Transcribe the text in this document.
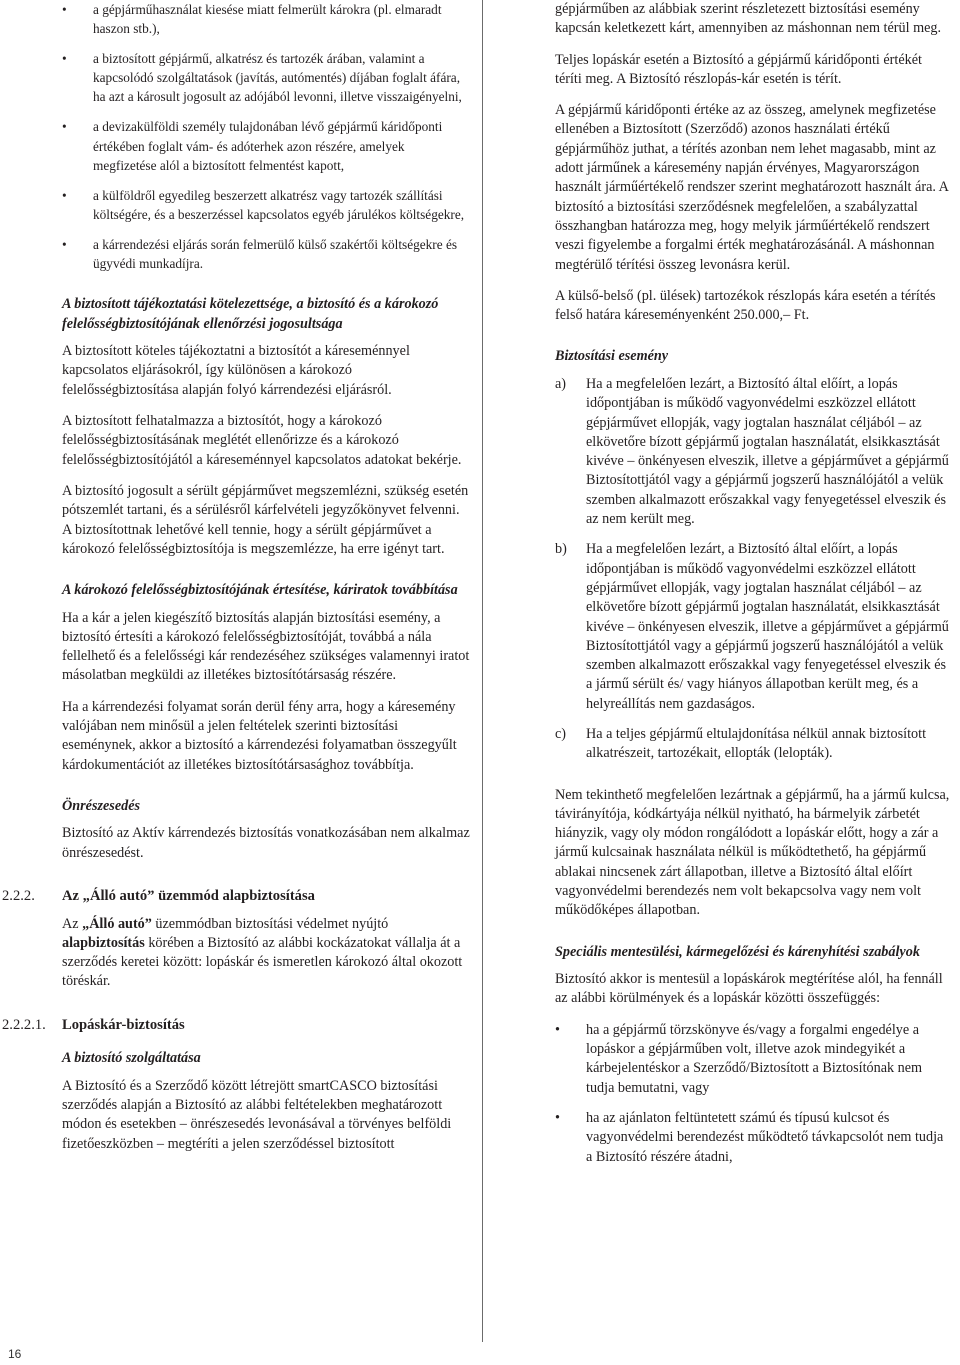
• a gépjárműhasználat kiesése miatt felmerült károkra (pl. elmaradt haszon stb.),
• a biztosított gépjármű, alkatrész és tartozék árában, valamint a kapcsolódó szolgáltatások (javítás, autómentés) díjában foglalt áfára, ha azt a károsult jogosult az adójából levonni, illetve visszaigényelni,
• a devizakülföldi személy tulajdonában lévő gépjármű káridőponti értékében foglalt vám- és adóterhek azon részére, amelyek megfizetése alól a biztosított felmentést kapott,
• a külföldről egyedileg beszerzett alkatrész vagy tartozék szállítási költségére, és a beszerzéssel kapcsolatos egyéb járulékos költségekre,
• a kárrendezési eljárás során felmerülő külső szakértői költségekre és ügyvédi munkadíjra.
A biztosított tájékoztatási kötelezettsége, a biztosító és a károkozó felelősségbiztosítójának ellenőrzési jogosultsága

A biztosított köteles tájékoztatni a biztosítót a káreseménnyel kapcsolatos eljárásokról, így különösen a károkozó felelősségbiztosítása alapján folyó kárrendezési eljárásról.

A biztosított felhatalmazza a biztosítót, hogy a károkozó felelősségbiztosításának meglétét ellenőrizze és a károkozó felelősségbiztosítójától a káreseménnyel kapcsolatos adatokat bekérje.

A biztosító jogosult a sérült gépjárművet megszemlézni, szükség esetén pótszemlét tartani, és a sérülésről kárfelvételi jegyzőkönyvet felvenni. A biztosítottnak lehetővé kell tennie, hogy a sérült gépjárművet a károkozó felelősségbiztosítója is megszemlézze, ha erre igényt tart.

A károkozó felelősségbiztosítójának értesítése, káriratok továbbítása

Ha a kár a jelen kiegészítő biztosítás alapján biztosítási esemény, a biztosító értesíti a károkozó felelősségbiztosítóját, továbbá a nála fellelhető és a felelősségi kár rendezéséhez szükséges valamennyi iratot másolatban megküldi az illetékes biztosítótársaság részére.

Ha a kárrendezési folyamat során derül fény arra, hogy a káresemény valójában nem minősül a jelen feltételek szerinti biztosítási eseménynek, akkor a biztosító a kárrendezési folyamatban összegyűlt kárdokumentációt az illetékes biztosítótársasághoz továbbítja.

Önrészesedés

Biztosító az Aktív kárrendezés biztosítás vonatkozásában nem alkalmaz önrészesedést.

2.2.2. Az „Álló autó” üzemmód alapbiztosítása

Az „Álló autó” üzemmódban biztosítási védelmet nyújtó alapbiztosítás körében a Biztosító az alábbi kockázatokat vállalja át a szerződés keretei között: lopáskár és ismeretlen károkozó által okozott töréskár.

2.2.2.1. Lopáskár-biztosítás
A biztosító szolgáltatása

A Biztosító és a Szerződő között létrejött smartCASCO biztosítási szerződés alapján a Biztosító az alábbi feltételekben meghatározott módon és esetekben – önrészesedés levonásával a törvényes belföldi fizetőeszközben – megtéríti a jelen szerződéssel biztosított

gépjárműben az alábbiak szerint részletezett biztosítási esemény kapcsán keletkezett kárt, amennyiben az máshonnan nem térül meg.

Teljes lopáskár esetén a Biztosító a gépjármű káridőponti értékét téríti meg. A Biztosító részlopás-kár esetén is térít.

A gépjármű káridőponti értéke az az összeg, amelynek megfizetése ellenében a Biztosított (Szerződő) azonos használati értékű gépjárműhöz juthat, a térítés azonban nem lehet magasabb, mint az adott járműnek a káresemény napján érvényes, Magyarországon használt járműértékelő rendszer szerint meghatározott használt ára. A biztosító a biztosítási szerződésnek megfelelően, a szabályzattal összhangban határozza meg, hogy melyik járműértékelő rendszert veszi figyelembe a forgalmi érték meghatározásánál. A máshonnan megtérülő térítési összeg levonásra kerül.

A külső-belső (pl. ülések) tartozékok részlopás kára esetén a térítés felső határa káreseményenként 250.000,– Ft.

Biztosítási esemény
a) Ha a megfelelően lezárt, a Biztosító által előírt, a lopás időpontjában is működő vagyonvédelmi eszközzel ellátott gépjárművet ellopják, vagy jogtalan használat céljából – az elkövetőre bízott gépjármű jogtalan használatát, elsikkasztását kivéve – önkényesen elveszik, illetve a gépjárművet a gépjármű Biztosítottjától vagy a gépjármű jogszerű használójától a velük szemben alkalmazott erőszakkal vagy fenyegetéssel elveszik és az nem került meg.
b) Ha a megfelelően lezárt, a Biztosító által előírt, a lopás időpontjában is működő vagyonvédelmi eszközzel ellátott gépjárművet ellopják, vagy jogtalan használat céljából – az elkövetőre bízott gépjármű jogtalan használatát, elsikkasztását kivéve – önkényesen elveszik, illetve a gépjárművet a gépjármű Biztosítottjától vagy a gépjármű jogszerű használójától a velük szemben alkalmazott erőszakkal vagy fenyegetéssel elveszik és a jármű sérült és/ vagy hiányos állapotban került meg, és a helyreállítás nem gazdaságos.
c) Ha a teljes gépjármű eltulajdonítása nélkül annak biztosított alkatrészeit, tartozékait, ellopták (lelopták).

Nem tekinthető megfelelően lezártnak a gépjármű, ha a jármű kulcsa, távirányítója, kódkártyája nélkül nyitható, ha bármelyik zárbetét hiányzik, vagy oly módon rongálódott a lopáskár előtt, hogy a zár a jármű kulcsainak használata nélkül is működtethető, ha gépjármű ablakai nincsenek zárt állapotban, illetve a Biztosító által előírt vagyonvédelmi berendezés nem volt bekapcsolva vagy nem volt működőképes állapotban.

Speciális mentesülési, kármegelőzési és kárenyhítési szabályok

Biztosító akkor is mentesül a lopáskárok megtérítése alól, ha fennáll az alábbi körülmények és a lopáskár közötti összefüggés:

• ha a gépjármű törzskönyve és/vagy a forgalmi engedélye a lopáskor a gépjárműben volt, illetve azok mindegyikét a kárbejelentéskor a Szerződő/Biztosított a Biztosítónak nem tudja bemutatni, vagy
• ha az ajánlaton feltüntetett számú és típusú kulcsot és vagyonvédelmi berendezést működtető távkapcsolót nem tudja a Biztosító részére átadni,
16
